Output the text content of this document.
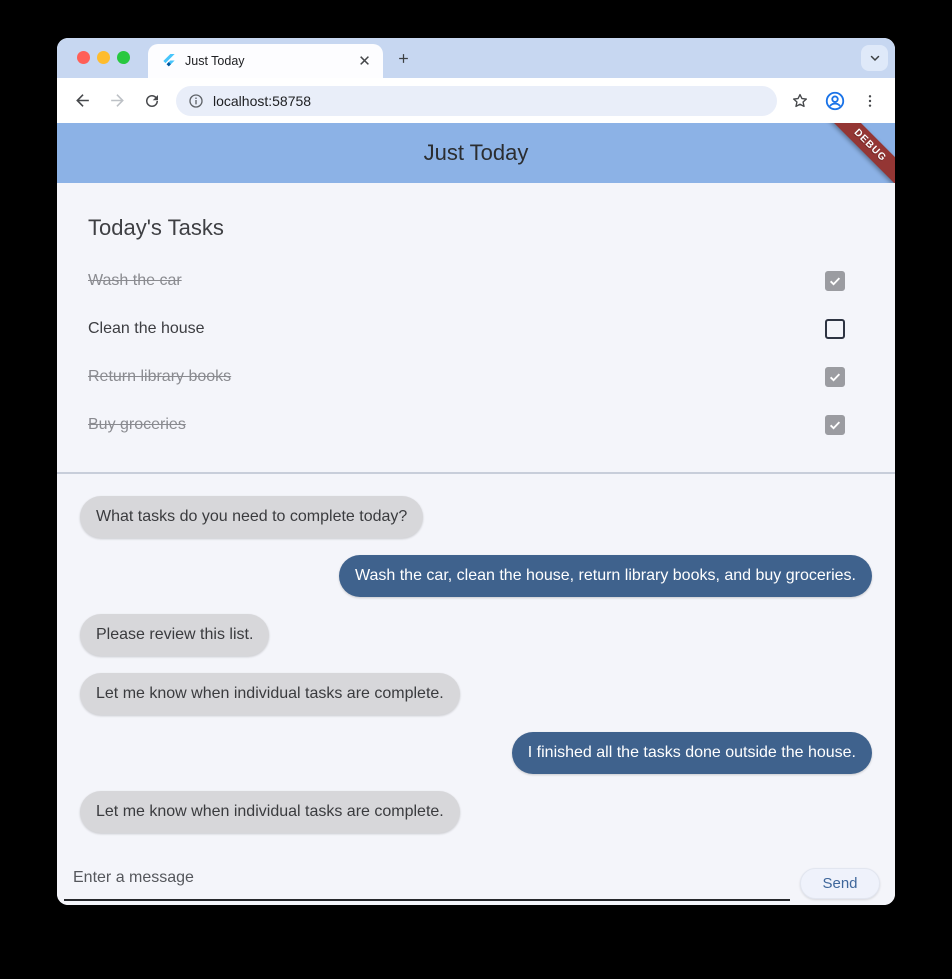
Just Today	✕
localhost:58758
Just Today	DEBUG
Today's Tasks
Wash the car
Clean the house
Return library books
Buy groceries
What tasks do you need to complete today?
Wash the car, clean the house, return library books, and buy groceries.
Please review this list.
Let me know when individual tasks are complete.
I finished all the tasks done outside the house.
Let me know when individual tasks are complete.
Enter a message
Send
